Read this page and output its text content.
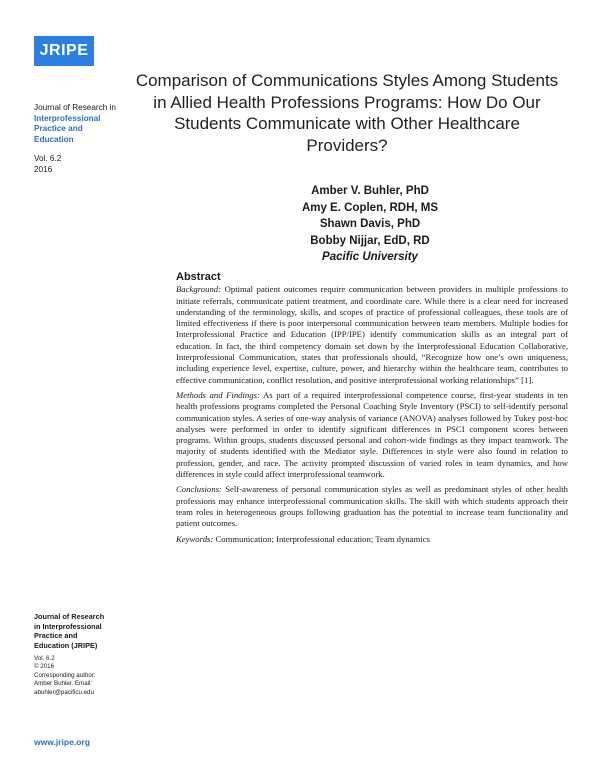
JRIPE
Journal of Research in
Interprofessional
Practice and
Education
Vol. 6.2
2016
Comparison of Communications Styles Among Students in Allied Health Professions Programs: How Do Our Students Communicate with Other Healthcare Providers?
Amber V. Buhler, PhD
Amy E. Coplen, RDH, MS
Shawn Davis, PhD
Bobby Nijjar, EdD, RD
Pacific University
Abstract

Background: Optimal patient outcomes require communication between providers in multiple professions to initiate referrals, communicate patient treatment, and coordinate care. While there is a clear need for increased understanding of the terminology, skills, and scopes of practice of professional colleagues, these tools are of limited effectiveness if there is poor interpersonal communication between team members. Multiple bodies for Interprofessional Practice and Education (IPP/IPE) identify communication skills as an integral part of education. In fact, the third competency domain set down by the Interprofessional Education Collaborative, Interprofessional Communication, states that professionals should, “Recognize how one’s own uniqueness, including experience level, expertise, culture, power, and hierarchy within the healthcare team, contributes to effective communication, conflict resolution, and positive interprofessional working relationships” [1].

Methods and Findings: As part of a required interprofessional competence course, first-year students in ten health professions programs completed the Personal Coaching Style Inventory (PSCI) to self-identify personal communication styles. A series of one-way analysis of variance (ANOVA) analyses followed by Tukey post-hoc analyses were performed in order to identify significant differences in PSCI component scores between programs. Within groups, students discussed personal and cohort-wide findings as they impact teamwork. The majority of students identified with the Mediator style. Differences in style were also found in relation to profession, gender, and race. The activity prompted discussion of varied roles in team dynamics, and how differences in style could affect interprofessional teamwork.

Conclusions: Self-awareness of personal communication styles as well as predominant styles of other health professions may enhance interprofessional communication skills. The skill with which students approach their team roles in heterogeneous groups following graduation has the potential to increase team functionality and patient outcomes.

Keywords: Communication; Interprofessional education; Team dynamics

Journal of Research
in Interprofessional
Practice and
Education (JRIPE)
Vol. 6.2
© 2016
Corresponding author:
Amber Buhler. Email:
abuhler@pacificu.edu
www.jripe.org
